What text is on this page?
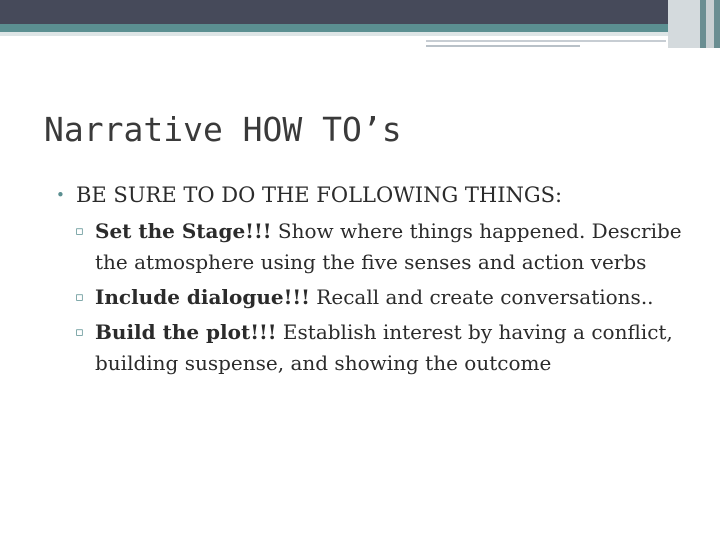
Narrative HOW TO’s
• BE SURE TO DO THE FOLLOWING THINGS:
▫ Set the Stage!!! Show where things happened. Describe the atmosphere using the five senses and action verbs
▫ Include dialogue!!! Recall and create conversations..
▫ Build the plot!!! Establish interest by having a conflict, building suspense, and showing the outcome
